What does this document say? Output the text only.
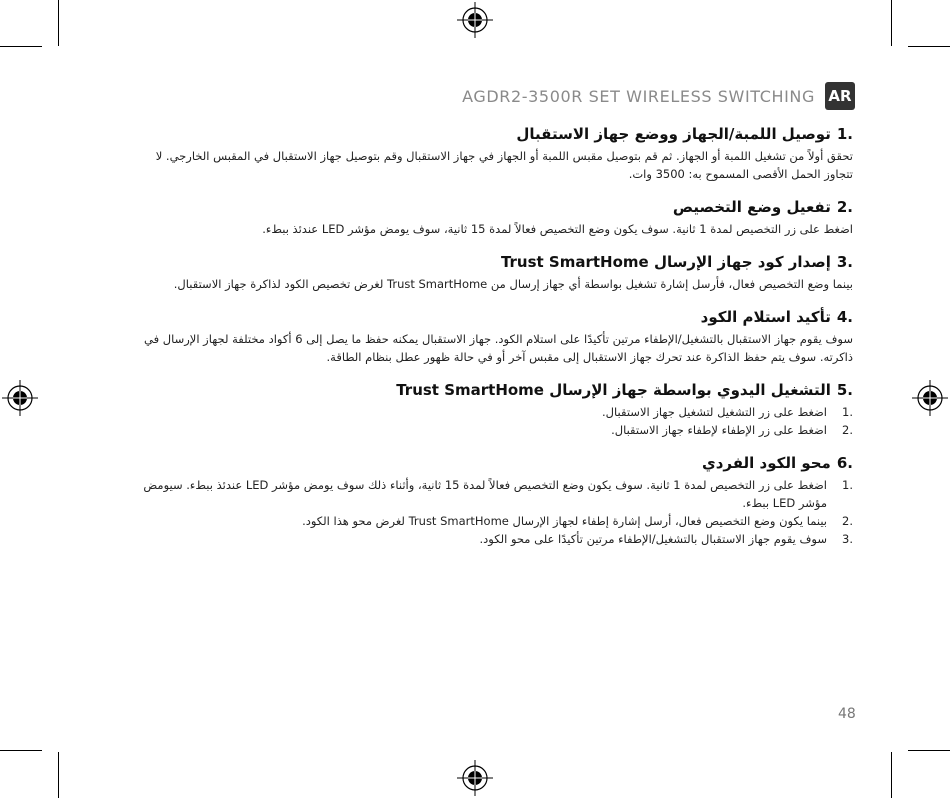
AGDR2-3500R SET WIRELESS SWITCHING AR
1.
توصيل اللمبة/الجهاز ووضع جهاز الاستقبال
تحقق أولاً من تشغيل اللمبة أو الجهاز. ثم قم بتوصيل مقبس اللمبة أو الجهاز في جهاز الاستقبال وقم بتوصيل جهاز الاستقبال في المقبس الخارجي. لا تتجاوز الحمل الأقصى المسموح به: 3500 وات.
2.
تفعيل وضع التخصيص
اضغط على زر التخصيص لمدة 1 ثانية. سوف يكون وضع التخصيص فعالاً لمدة 15 ثانية، سوف يومض مؤشر LED عندئذ ببطء.
3.
إصدار كود جهاز الإرسال Trust SmartHome
بينما وضع التخصيص فعال، فأرسل إشارة تشغيل بواسطة أي جهاز إرسال من Trust SmartHome لغرض تخصيص الكود لذاكرة جهاز الاستقبال.
4.
تأكيد استلام الكود
سوف يقوم جهاز الاستقبال بالتشغيل/الإطفاء مرتين تأكيدًا على استلام الكود. جهاز الاستقبال يمكنه حفظ ما يصل إلى 6 أكواد مختلفة لجهاز الإرسال في ذاكرته. سوف يتم حفظ الذاكرة عند تحرك جهاز الاستقبال إلى مقبس آخر أو في حالة ظهور عطل بنظام الطاقة.
5.
التشغيل اليدوي بواسطة جهاز الإرسال Trust SmartHome
1.
اضغط على زر التشغيل لتشغيل جهاز الاستقبال.
2.
اضغط على زر الإطفاء لإطفاء جهاز الاستقبال.
6.
محو الكود الفردي
1.
اضغط على زر التخصيص لمدة 1 ثانية. سوف يكون وضع التخصيص فعالاً لمدة 15 ثانية، وأثناء ذلك سوف يومض مؤشر LED عندئذ ببطء. سيومض مؤشر LED ببطء.
2.
بينما يكون وضع التخصيص فعال، أرسل إشارة إطفاء لجهاز الإرسال Trust SmartHome لغرض محو هذا الكود.
3.
سوف يقوم جهاز الاستقبال بالتشغيل/الإطفاء مرتين تأكيدًا على محو الكود.
48
